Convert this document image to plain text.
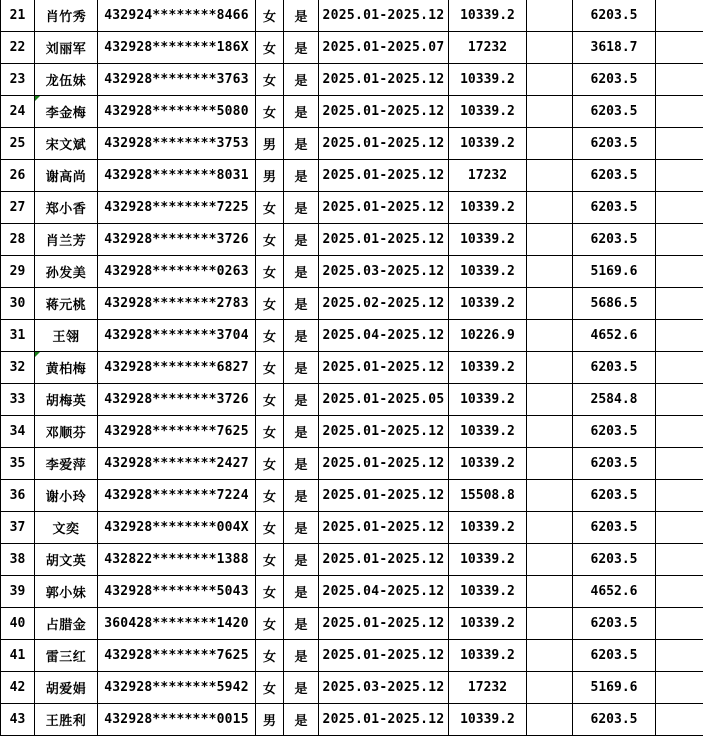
21	肖竹秀	432924********8466	女	是	2025.01-2025.12	10339.2		6203.5	
22	刘丽军	432928********186X	女	是	2025.01-2025.07	17232		3618.7	
23	龙伍妹	432928********3763	女	是	2025.01-2025.12	10339.2		6203.5	
24	李金梅	432928********5080	女	是	2025.01-2025.12	10339.2		6203.5	
25	宋文斌	432928********3753	男	是	2025.01-2025.12	10339.2		6203.5	
26	谢高尚	432928********8031	男	是	2025.01-2025.12	17232		6203.5	
27	郑小香	432928********7225	女	是	2025.01-2025.12	10339.2		6203.5	
28	肖兰芳	432928********3726	女	是	2025.01-2025.12	10339.2		6203.5	
29	孙发美	432928********0263	女	是	2025.03-2025.12	10339.2		5169.6	
30	蒋元桃	432928********2783	女	是	2025.02-2025.12	10339.2		5686.5	
31	王翎	432928********3704	女	是	2025.04-2025.12	10226.9		4652.6	
32	黄柏梅	432928********6827	女	是	2025.01-2025.12	10339.2		6203.5	
33	胡梅英	432928********3726	女	是	2025.01-2025.05	10339.2		2584.8	
34	邓顺芬	432928********7625	女	是	2025.01-2025.12	10339.2		6203.5	
35	李爱萍	432928********2427	女	是	2025.01-2025.12	10339.2		6203.5	
36	谢小玲	432928********7224	女	是	2025.01-2025.12	15508.8		6203.5	
37	文奕	432928********004X	女	是	2025.01-2025.12	10339.2		6203.5	
38	胡文英	432822********1388	女	是	2025.01-2025.12	10339.2		6203.5	
39	郭小妹	432928********5043	女	是	2025.04-2025.12	10339.2		4652.6	
40	占腊金	360428********1420	女	是	2025.01-2025.12	10339.2		6203.5	
41	雷三红	432928********7625	女	是	2025.01-2025.12	10339.2		6203.5	
42	胡爱娟	432928********5942	女	是	2025.03-2025.12	17232		5169.6	
43	王胜利	432928********0015	男	是	2025.01-2025.12	10339.2		6203.5	
